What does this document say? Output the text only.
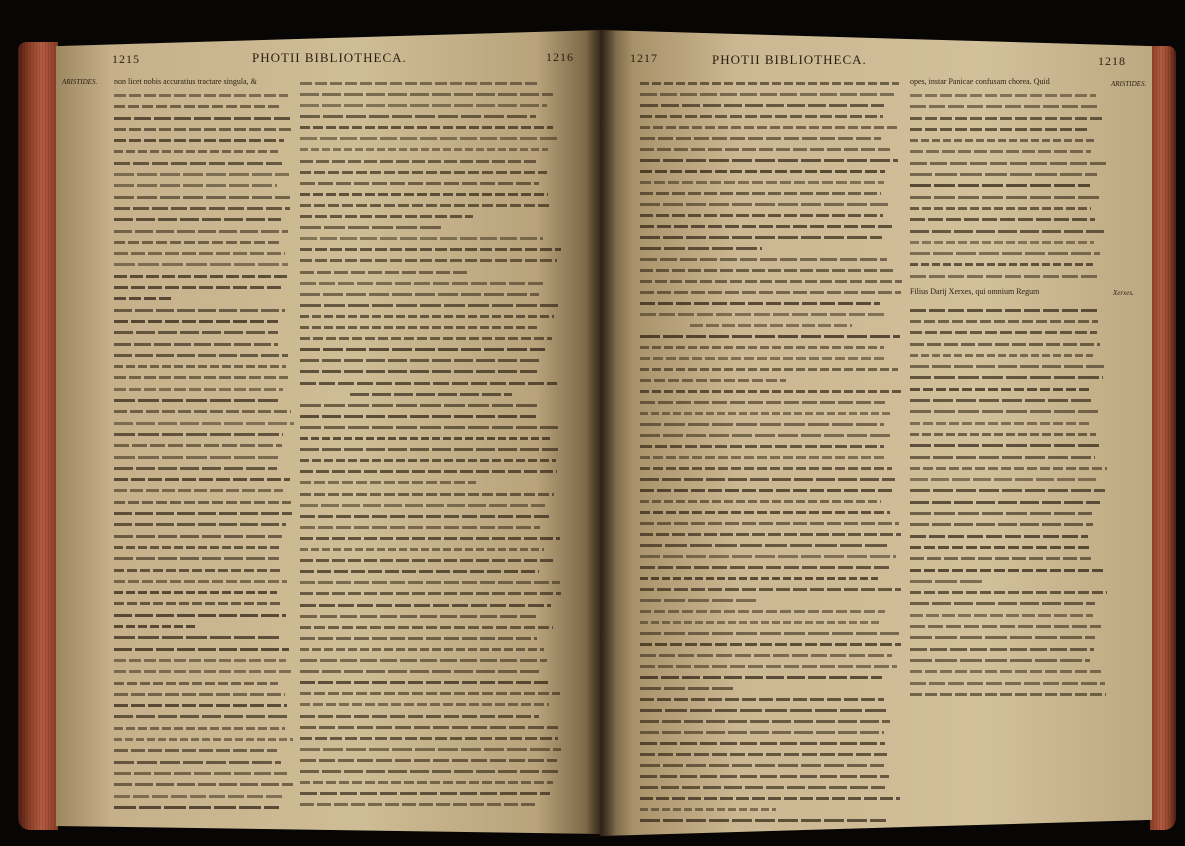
1215	PHOTII BIBLIOTHECA.	1216	1217	PHOTII BIBLIOTHECA.	1218
ARISTIDES.	ARISTIDES.
Xerxes.
non licet nobis accuratius tractare singula, &	opes, instar Panicae confusam chorea. Quid
Filius Darij Xerxes, qui omnium Regum
